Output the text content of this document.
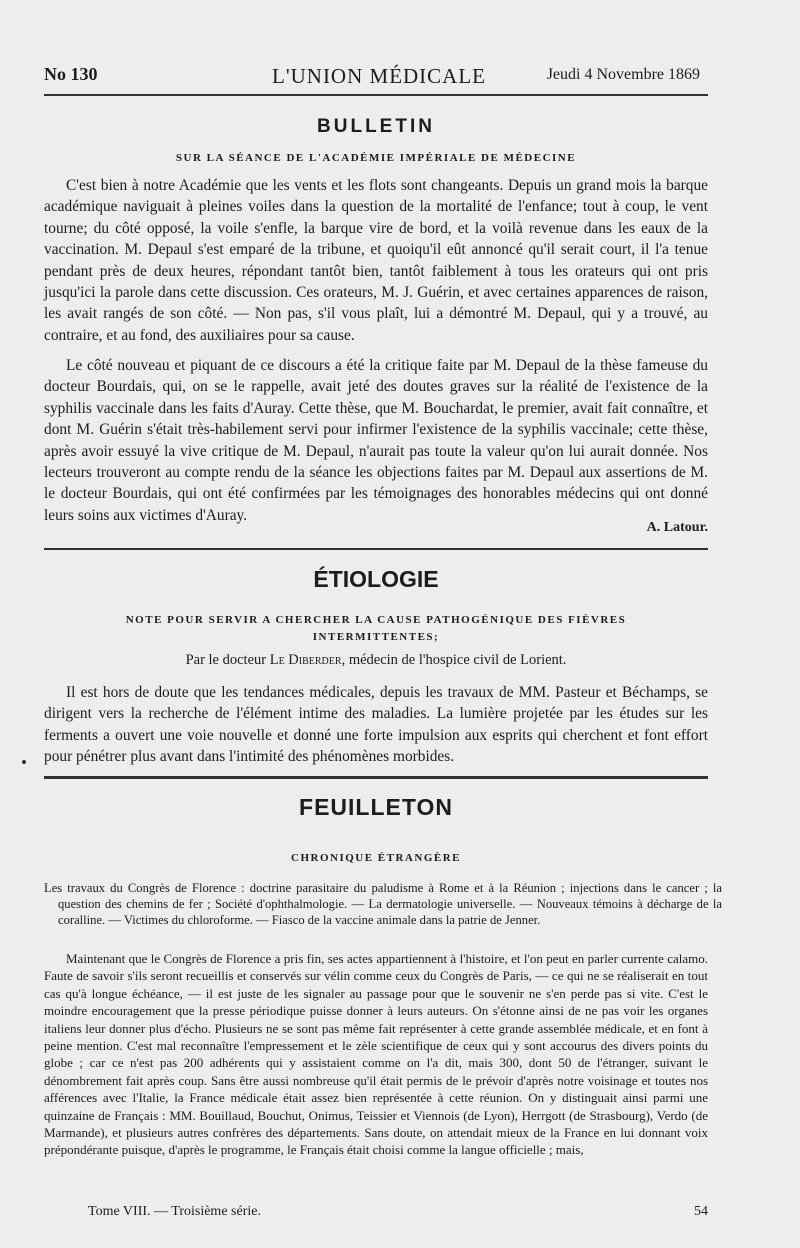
No 130	L'UNION MÉDICALE	Jeudi 4 Novembre 1869
BULLETIN
SUR LA SÉANCE DE L'ACADÉMIE IMPÉRIALE DE MÉDECINE

C'est bien à notre Académie que les vents et les flots sont changeants. Depuis un grand mois la barque académique naviguait à pleines voiles dans la question de la mortalité de l'enfance; tout à coup, le vent tourne; du côté opposé, la voile s'enfle, la barque vire de bord, et la voilà revenue dans les eaux de la vaccination. M. Depaul s'est emparé de la tribune, et quoiqu'il eût annoncé qu'il serait court, il l'a tenue pendant près de deux heures, répondant tantôt bien, tantôt faiblement à tous les orateurs qui ont pris jusqu'ici la parole dans cette discussion. Ces orateurs, M. J. Guérin, et avec certaines apparences de raison, les avait rangés de son côté. — Non pas, s'il vous plaît, lui a démontré M. Depaul, qui y a trouvé, au contraire, et au fond, des auxiliaires pour sa cause.

Le côté nouveau et piquant de ce discours a été la critique faite par M. Depaul de la thèse fameuse du docteur Bourdais, qui, on se le rappelle, avait jeté des doutes graves sur la réalité de l'existence de la syphilis vaccinale dans les faits d'Auray. Cette thèse, que M. Bouchardat, le premier, avait fait connaître, et dont M. Guérin s'était très-habilement servi pour infirmer l'existence de la syphilis vaccinale; cette thèse, après avoir essuyé la vive critique de M. Depaul, n'aurait pas toute la valeur qu'on lui aurait donnée. Nos lecteurs trouveront au compte rendu de la séance les objections faites par M. Depaul aux assertions de M. le docteur Bourdais, qui ont été confirmées par les témoignages des honorables médecins qui ont donné leurs soins aux victimes d'Auray.

A. Latour.
ÉTIOLOGIE
NOTE POUR SERVIR A CHERCHER LA CAUSE PATHOGÉNIQUE DES FIÈVRES
INTERMITTENTES;
Par le docteur Le Diberder, médecin de l'hospice civil de Lorient.

Il est hors de doute que les tendances médicales, depuis les travaux de MM. Pasteur et Béchamps, se dirigent vers la recherche de l'élément intime des maladies. La lumière projetée par les études sur les ferments a ouvert une voie nouvelle et donné une forte impulsion aux esprits qui cherchent et font effort pour pénétrer plus avant dans l'intimité des phénomènes morbides.

FEUILLETON
CHRONIQUE ÉTRANGÈRE

Les travaux du Congrès de Florence : doctrine parasitaire du paludisme à Rome et à la Réunion ; injections dans le cancer ; la question des chemins de fer ; Société d'ophthalmologie. — La dermatologie universelle. — Nouveaux témoins à décharge de la coralline. — Victimes du chloroforme. — Fiasco de la vaccine animale dans la patrie de Jenner.

Maintenant que le Congrès de Florence a pris fin, ses actes appartiennent à l'histoire, et l'on peut en parler currente calamo. Faute de savoir s'ils seront recueillis et conservés sur vélin comme ceux du Congrès de Paris, — ce qui ne se réaliserait en tout cas qu'à longue échéance, — il est juste de les signaler au passage pour que le souvenir ne s'en perde pas si vite. C'est le moindre encouragement que la presse périodique puisse donner à leurs auteurs. On s'étonne ainsi de ne pas voir les organes italiens leur donner plus d'écho. Plusieurs ne se sont pas même fait représenter à cette grande assemblée médicale, et en font à peine mention. C'est mal reconnaître l'empressement et le zèle scientifique de ceux qui y sont accourus des divers points du globe ; car ce n'est pas 200 adhérents qui y assistaient comme on l'a dit, mais 300, dont 50 de l'étranger, suivant le dénombrement fait après coup. Sans être aussi nombreuse qu'il était permis de le prévoir d'après notre voisinage et toutes nos afférences avec l'Italie, la France médicale était assez bien représentée à cette réunion. On y distinguait ainsi parmi une quinzaine de Français : MM. Bouillaud, Bouchut, Onimus, Teissier et Viennois (de Lyon), Herrgott (de Strasbourg), Verdo (de Marmande), et plusieurs autres confrères des départements. Sans doute, on attendait mieux de la France en lui donnant voix prépondérante puisque, d'après le programme, le Français était choisi comme la langue officielle ; mais,

Tome VIII. — Troisième série.	54
